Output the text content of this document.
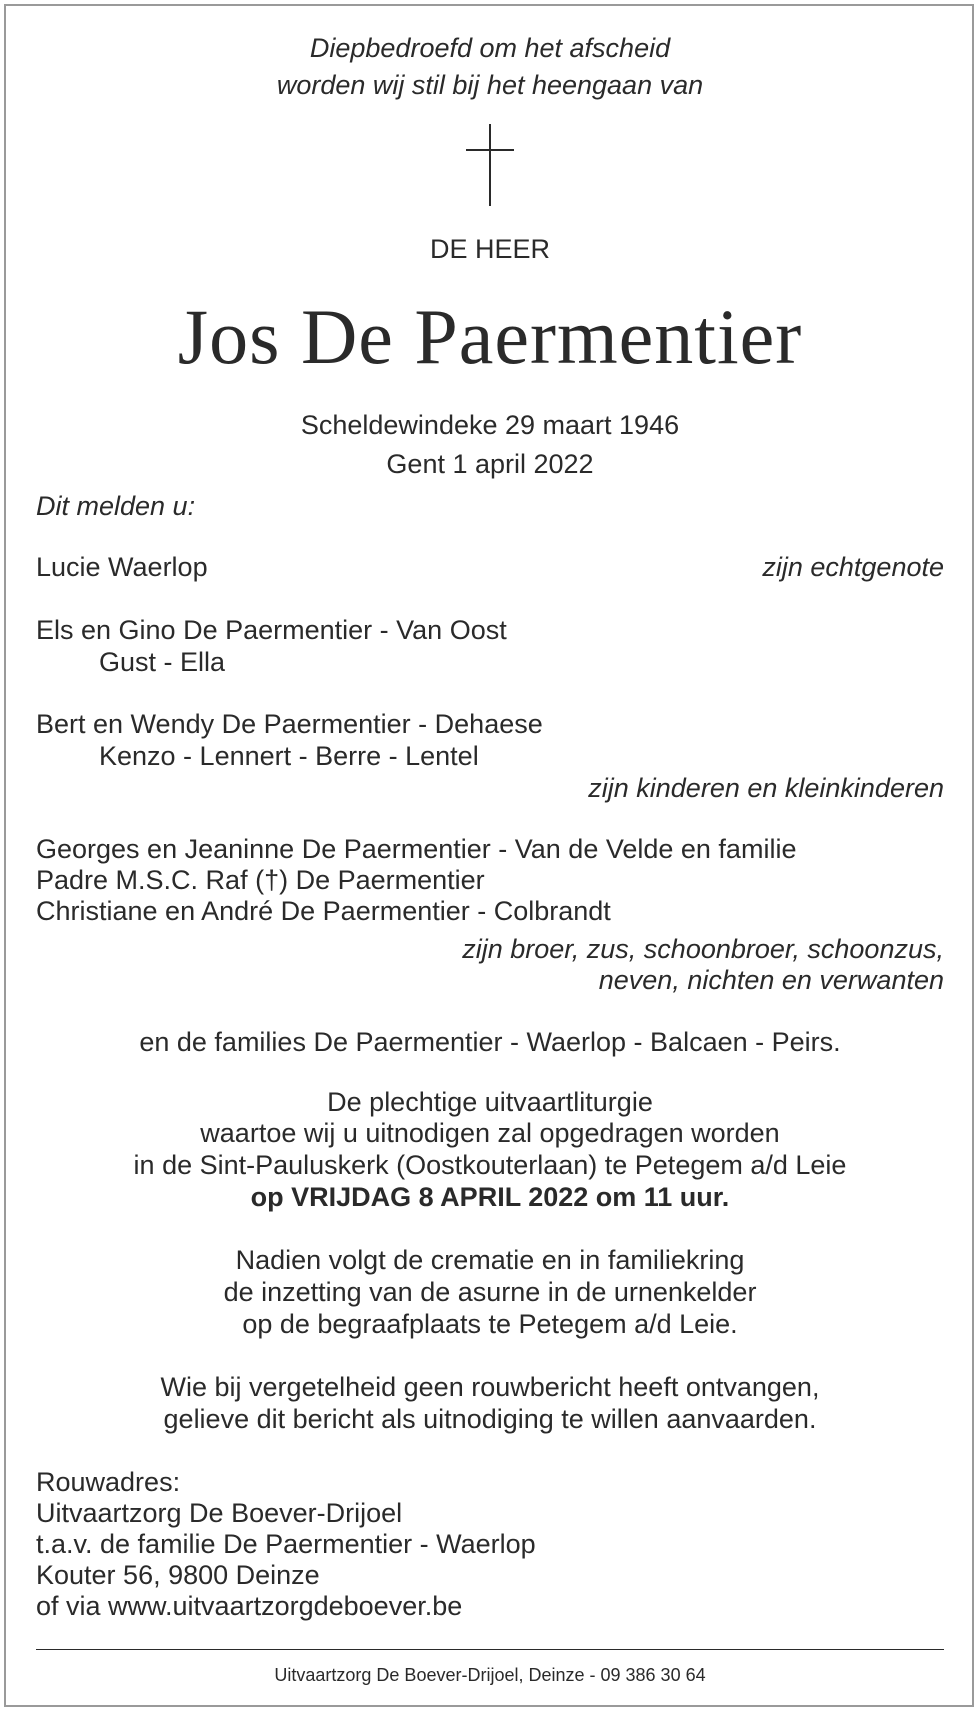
Diepbedroefd om het afscheid
worden wij stil bij het heengaan van
DE HEER
Jos De Paermentier
Scheldewindeke 29 maart 1946
Gent 1 april 2022
Dit melden u:
Lucie Waerlop	zijn echtgenote
Els en Gino De Paermentier - Van Oost
Gust - Ella
Bert en Wendy De Paermentier - Dehaese
Kenzo - Lennert - Berre - Lentel
zijn kinderen en kleinkinderen
Georges en Jeaninne De Paermentier - Van de Velde en familie
Padre M.S.C. Raf (†) De Paermentier
Christiane en André De Paermentier - Colbrandt
zijn broer, zus, schoonbroer, schoonzus,
neven, nichten en verwanten
en de families De Paermentier - Waerlop - Balcaen - Peirs.
De plechtige uitvaartliturgie
waartoe wij u uitnodigen zal opgedragen worden
in de Sint-Pauluskerk (Oostkouterlaan) te Petegem a/d Leie
op VRIJDAG 8 APRIL 2022 om 11 uur.
Nadien volgt de crematie en in familiekring
de inzetting van de asurne in de urnenkelder
op de begraafplaats te Petegem a/d Leie.
Wie bij vergetelheid geen rouwbericht heeft ontvangen,
gelieve dit bericht als uitnodiging te willen aanvaarden.
Rouwadres:
Uitvaartzorg De Boever-Drijoel
t.a.v. de familie De Paermentier - Waerlop
Kouter 56, 9800 Deinze
of via www.uitvaartzorgdeboever.be
Uitvaartzorg De Boever-Drijoel, Deinze - 09 386 30 64
